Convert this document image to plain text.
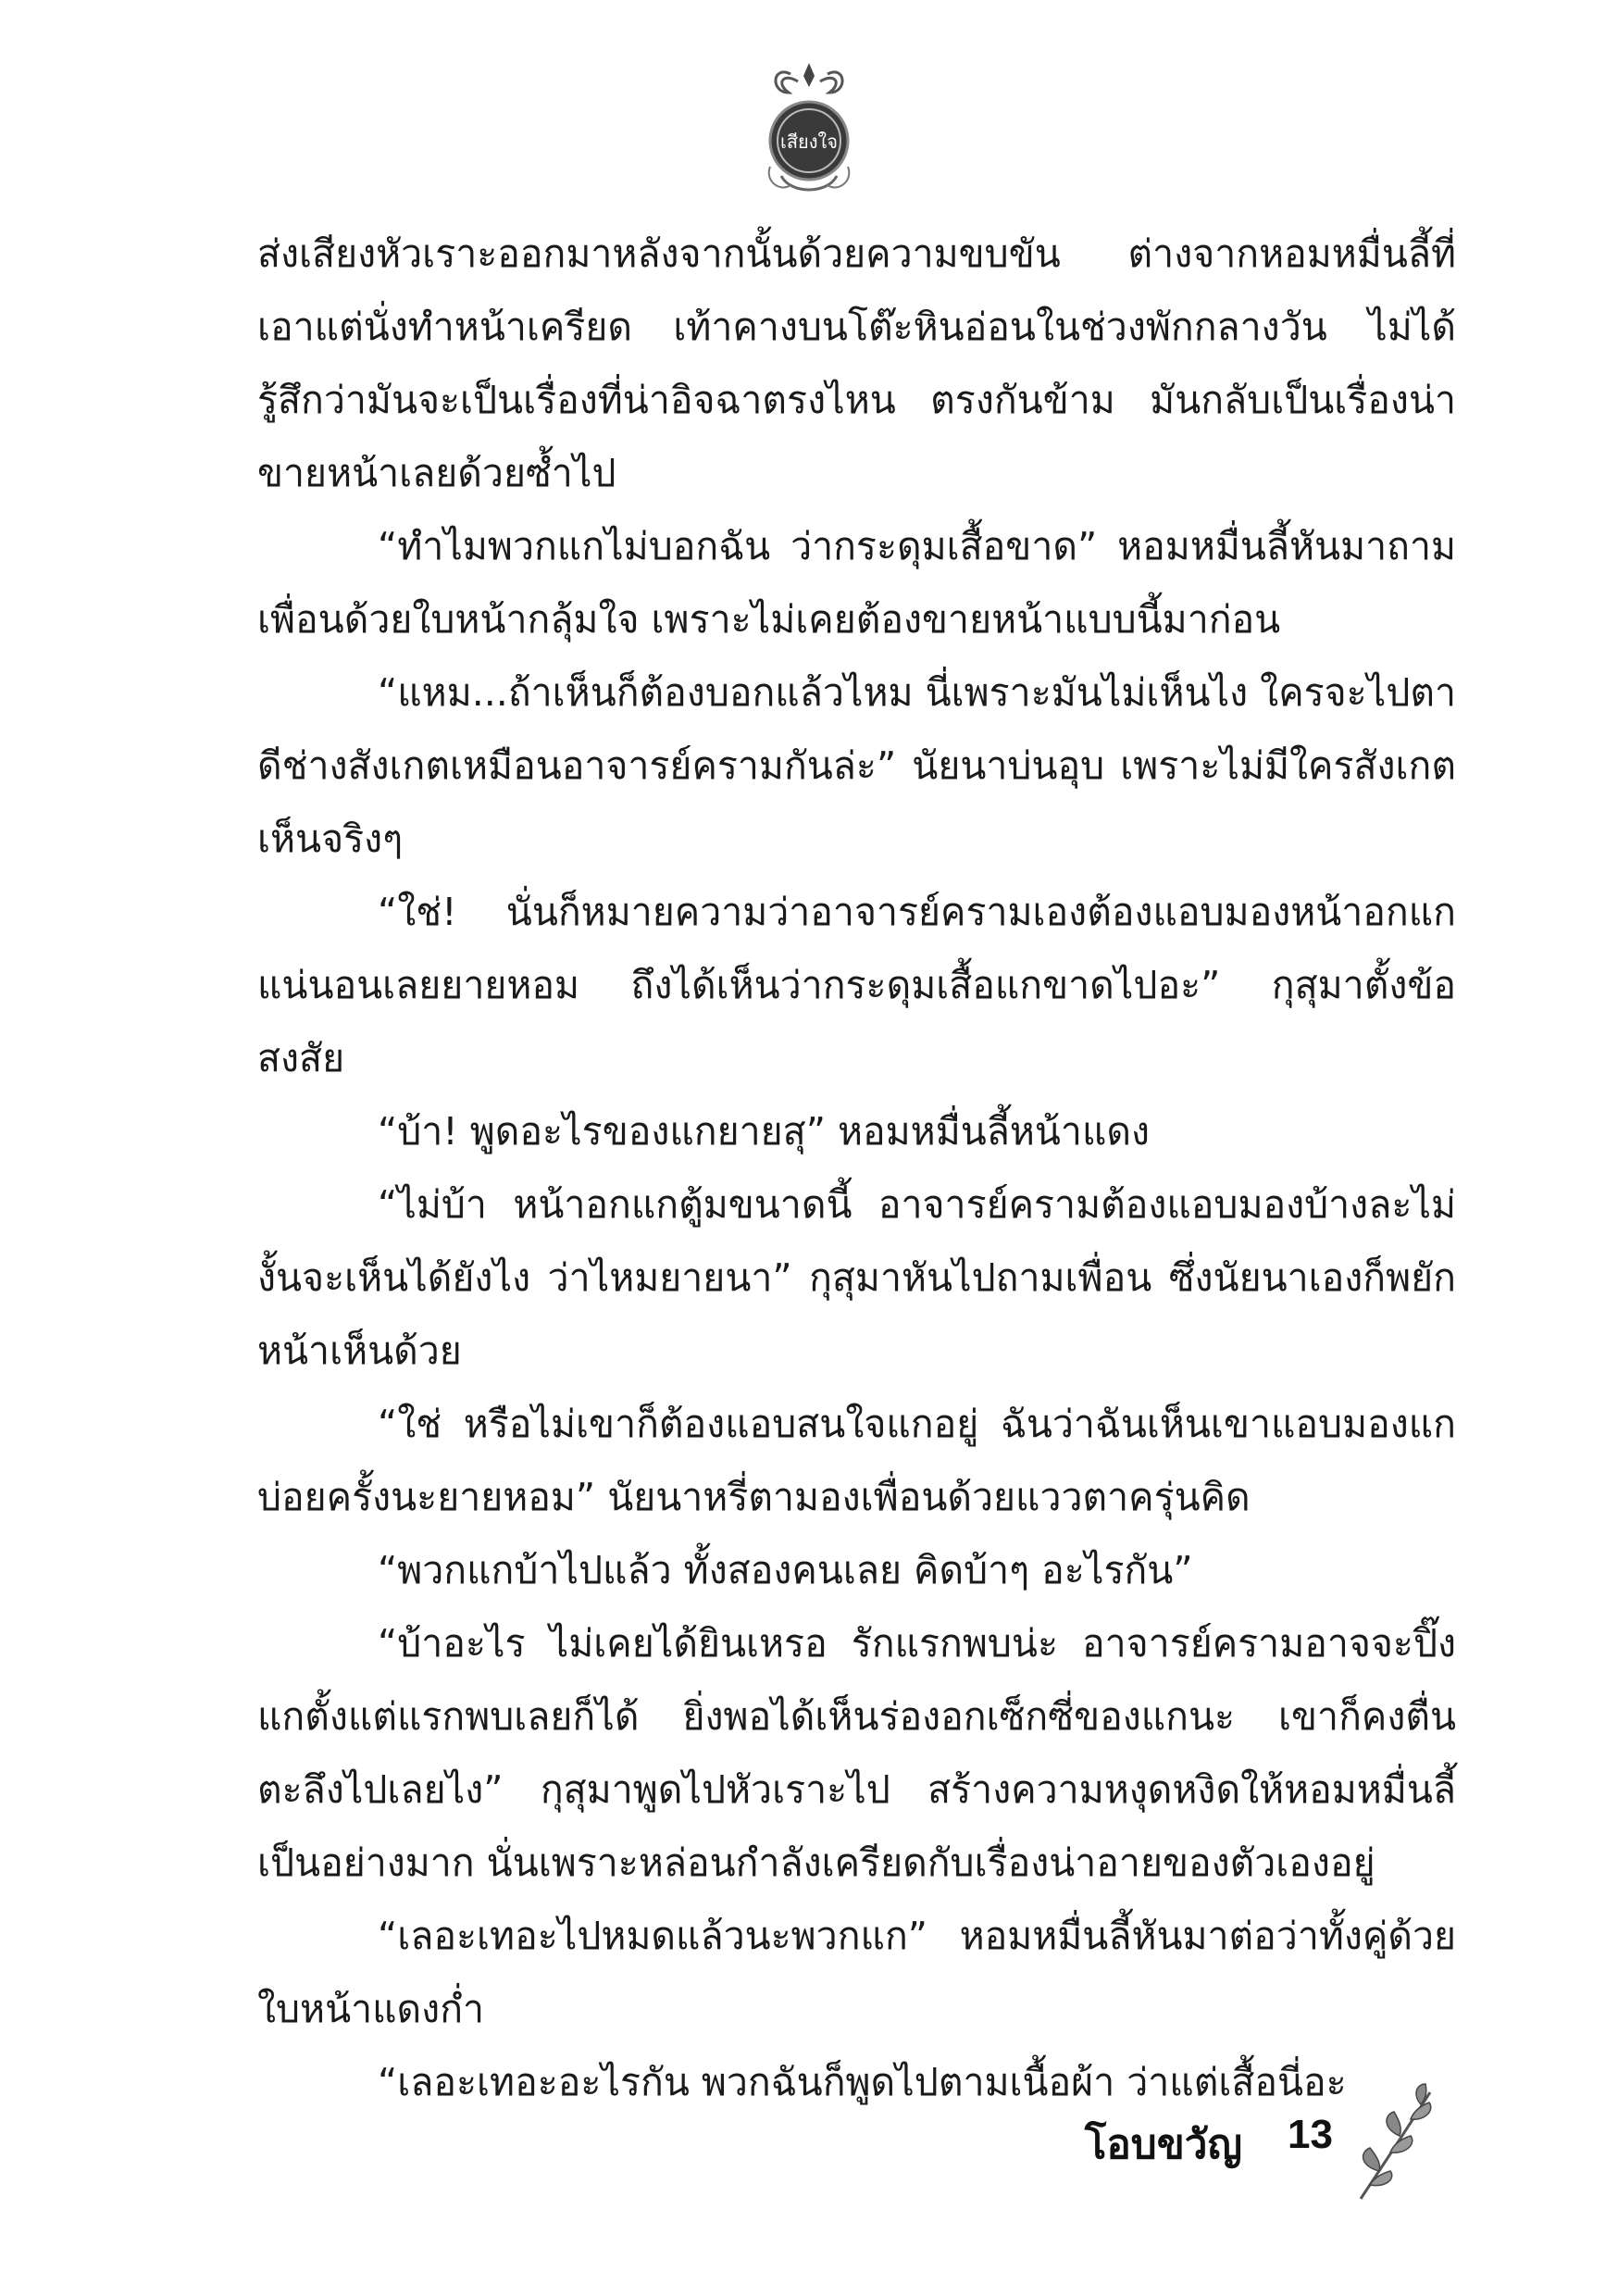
เสียงใจ

ส่งเสียงหัวเราะออกมาหลังจากนั้นด้วยความขบขัน ต่างจากหอมหมื่นลี้ที่เอาแต่นั่งทำหน้าเครียด เท้าคางบนโต๊ะหินอ่อนในช่วงพักกลางวัน ไม่ได้รู้สึกว่ามันจะเป็นเรื่องที่น่าอิจฉาตรงไหน ตรงกันข้าม มันกลับเป็นเรื่องน่าขายหน้าเลยด้วยซ้ำไป

“ทำไมพวกแกไม่บอกฉัน ว่ากระดุมเสื้อขาด” หอมหมื่นลี้หันมาถามเพื่อนด้วยใบหน้ากลุ้มใจ เพราะไม่เคยต้องขายหน้าแบบนี้มาก่อน

“แหม...ถ้าเห็นก็ต้องบอกแล้วไหม นี่เพราะมันไม่เห็นไง ใครจะไปตาดีช่างสังเกตเหมือนอาจารย์ครามกันล่ะ” นัยนาบ่นอุบ เพราะไม่มีใครสังเกตเห็นจริงๆ

“ใช่! นั่นก็หมายความว่าอาจารย์ครามเองต้องแอบมองหน้าอกแกแน่นอนเลยยายหอม ถึงได้เห็นว่ากระดุมเสื้อแกขาดไปอะ” กุสุมาตั้งข้อสงสัย

“บ้า! พูดอะไรของแกยายสุ” หอมหมื่นลี้หน้าแดง

“ไม่บ้า หน้าอกแกตู้มขนาดนี้ อาจารย์ครามต้องแอบมองบ้างละไม่งั้นจะเห็นได้ยังไง ว่าไหมยายนา” กุสุมาหันไปถามเพื่อน ซึ่งนัยนาเองก็พยักหน้าเห็นด้วย

“ใช่ หรือไม่เขาก็ต้องแอบสนใจแกอยู่ ฉันว่าฉันเห็นเขาแอบมองแกบ่อยครั้งนะยายหอม” นัยนาหรี่ตามองเพื่อนด้วยแววตาครุ่นคิด

“พวกแกบ้าไปแล้ว ทั้งสองคนเลย คิดบ้าๆ อะไรกัน”

“บ้าอะไร ไม่เคยได้ยินเหรอ รักแรกพบน่ะ อาจารย์ครามอาจจะปิ๊งแกตั้งแต่แรกพบเลยก็ได้ ยิ่งพอได้เห็นร่องอกเซ็กซี่ของแกนะ เขาก็คงตื่นตะลึงไปเลยไง” กุสุมาพูดไปหัวเราะไป สร้างความหงุดหงิดให้หอมหมื่นลี้เป็นอย่างมาก นั่นเพราะหล่อนกำลังเครียดกับเรื่องน่าอายของตัวเองอยู่

“เลอะเทอะไปหมดแล้วนะพวกแก” หอมหมื่นลี้หันมาต่อว่าทั้งคู่ด้วยใบหน้าแดงก่ำ

“เลอะเทอะอะไรกัน พวกฉันก็พูดไปตามเนื้อผ้า ว่าแต่เสื้อนี่อะ

โอบขวัญ 13
